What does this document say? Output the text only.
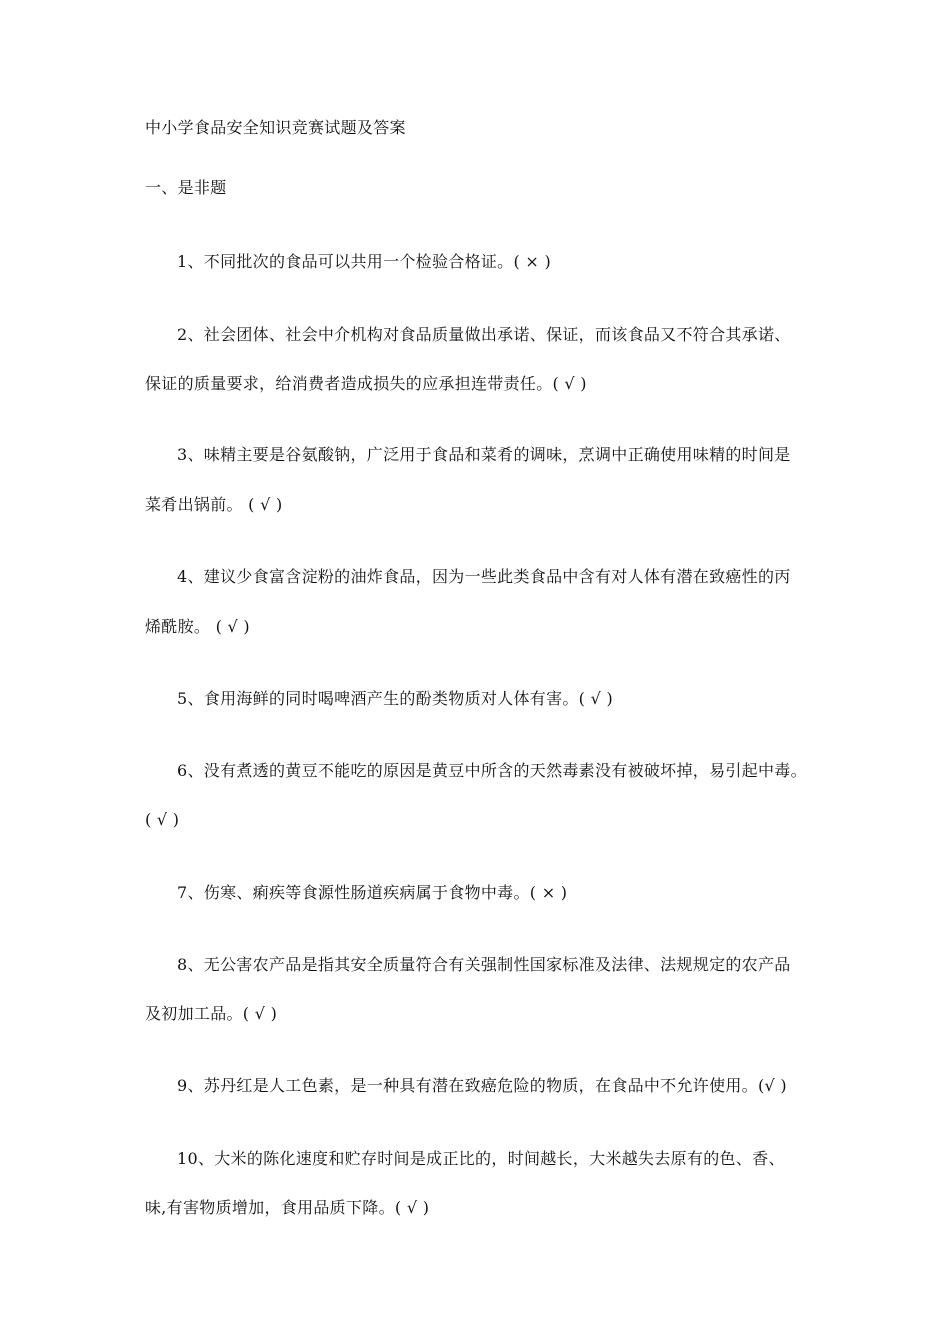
中小学食品安全知识竞赛试题及答案
一、是非题
1、不同批次的食品可以共用一个检验合格证。( × )
2、社会团体、社会中介机构对食品质量做出承诺、保证，而该食品又不符合其承诺、
保证的质量要求，给消费者造成损失的应承担连带责任。( √ )
3、味精主要是谷氨酸钠，广泛用于食品和菜肴的调味，烹调中正确使用味精的时间是
菜肴出锅前。 ( √ )
4、建议少食富含淀粉的油炸食品，因为一些此类食品中含有对人体有潜在致癌性的丙
烯酰胺。 ( √ )
5、食用海鲜的同时喝啤酒产生的酚类物质对人体有害。( √ )
6、没有煮透的黄豆不能吃的原因是黄豆中所含的天然毒素没有被破坏掉，易引起中毒。
( √ )
7、伤寒、痢疾等食源性肠道疾病属于食物中毒。( × )
8、无公害农产品是指其安全质量符合有关强制性国家标准及法律、法规规定的农产品
及初加工品。( √ )
9、苏丹红是人工色素，是一种具有潜在致癌危险的物质，在食品中不允许使用。(√ )
10、大米的陈化速度和贮存时间是成正比的，时间越长，大米越失去原有的色、香、
味,有害物质增加，食用品质下降。( √ )
